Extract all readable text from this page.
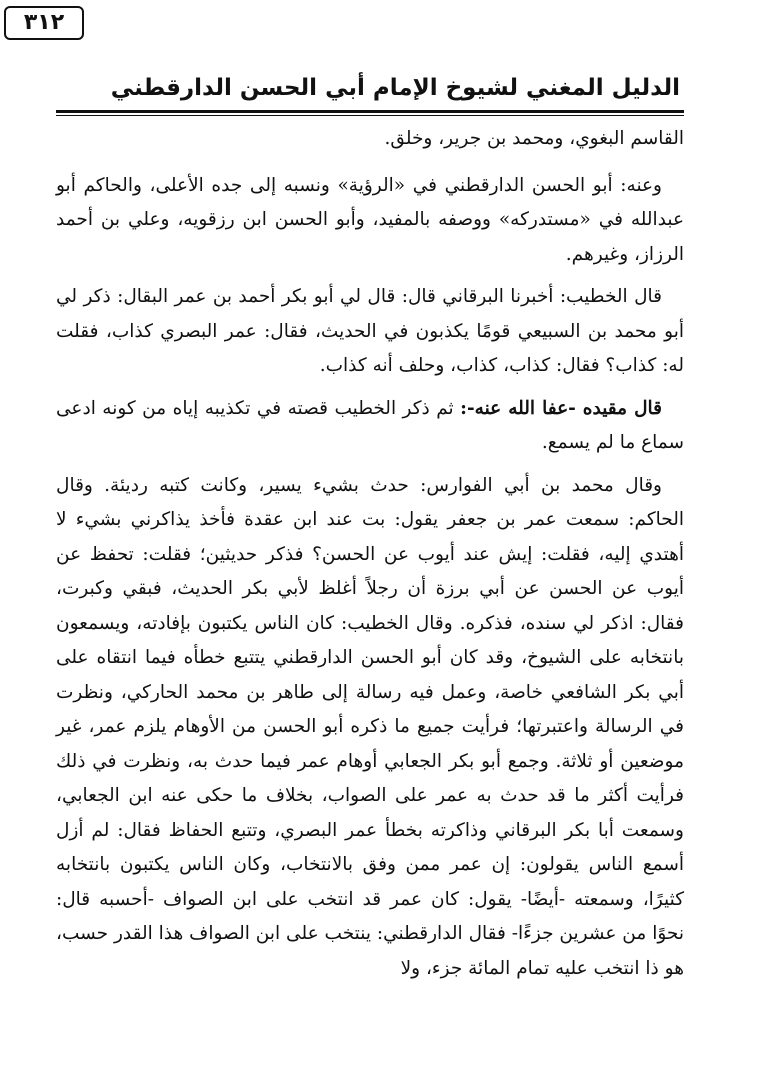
الدليل المغني لشيوخ الإمام أبي الحسن الدارقطني
٣١٢

القاسم البغوي، ومحمد بن جرير، وخلق.

وعنه: أبو الحسن الدارقطني في «الرؤية» ونسبه إلى جده الأعلى، والحاكم أبو عبدالله في «مستدركه» ووصفه بالمفيد، وأبو الحسن ابن رزقويه، وعلي بن أحمد الرزاز، وغيرهم.

قال الخطيب: أخبرنا البرقاني قال: قال لي أبو بكر أحمد بن عمر البقال: ذكر لي أبو محمد بن السبيعي قومًا يكذبون في الحديث، فقال: عمر البصري كذاب، فقلت له: كذاب؟ فقال: كذاب، كذاب، وحلف أنه كذاب.

قال مقيده -عفا الله عنه-: ثم ذكر الخطيب قصته في تكذيبه إياه من كونه ادعى سماع ما لم يسمع.

وقال محمد بن أبي الفوارس: حدث بشيء يسير، وكانت كتبه رديئة. وقال الحاكم: سمعت عمر بن جعفر يقول: بت عند ابن عقدة فأخذ يذاكرني بشيء لا أهتدي إليه، فقلت: إيش عند أيوب عن الحسن؟ فذكر حديثين؛ فقلت: تحفظ عن أيوب عن الحسن عن أبي برزة أن رجلاً أغلظ لأبي بكر الحديث، فبقي وكبرت، فقال: اذكر لي سنده، فذكره. وقال الخطيب: كان الناس يكتبون بإفادته، ويسمعون بانتخابه على الشيوخ، وقد كان أبو الحسن الدارقطني يتتبع خطأه فيما انتقاه على أبي بكر الشافعي خاصة، وعمل فيه رسالة إلى طاهر بن محمد الحاركي، ونظرت في الرسالة واعتبرتها؛ فرأيت جميع ما ذكره أبو الحسن من الأوهام يلزم عمر، غير موضعين أو ثلاثة. وجمع أبو بكر الجعابي أوهام عمر فيما حدث به، ونظرت في ذلك فرأيت أكثر ما قد حدث به عمر على الصواب، بخلاف ما حكى عنه ابن الجعابي، وسمعت أبا بكر البرقاني وذاكرته بخطأ عمر البصري، وتتبع الحفاظ فقال: لم أزل أسمع الناس يقولون: إن عمر ممن وفق بالانتخاب، وكان الناس يكتبون بانتخابه كثيرًا، وسمعته -أيضًا- يقول: كان عمر قد انتخب على ابن الصواف -أحسبه قال: نحوًا من عشرين جزءًا- فقال الدارقطني: ينتخب على ابن الصواف هذا القدر حسب، هو ذا انتخب عليه تمام المائة جزء، ولا
